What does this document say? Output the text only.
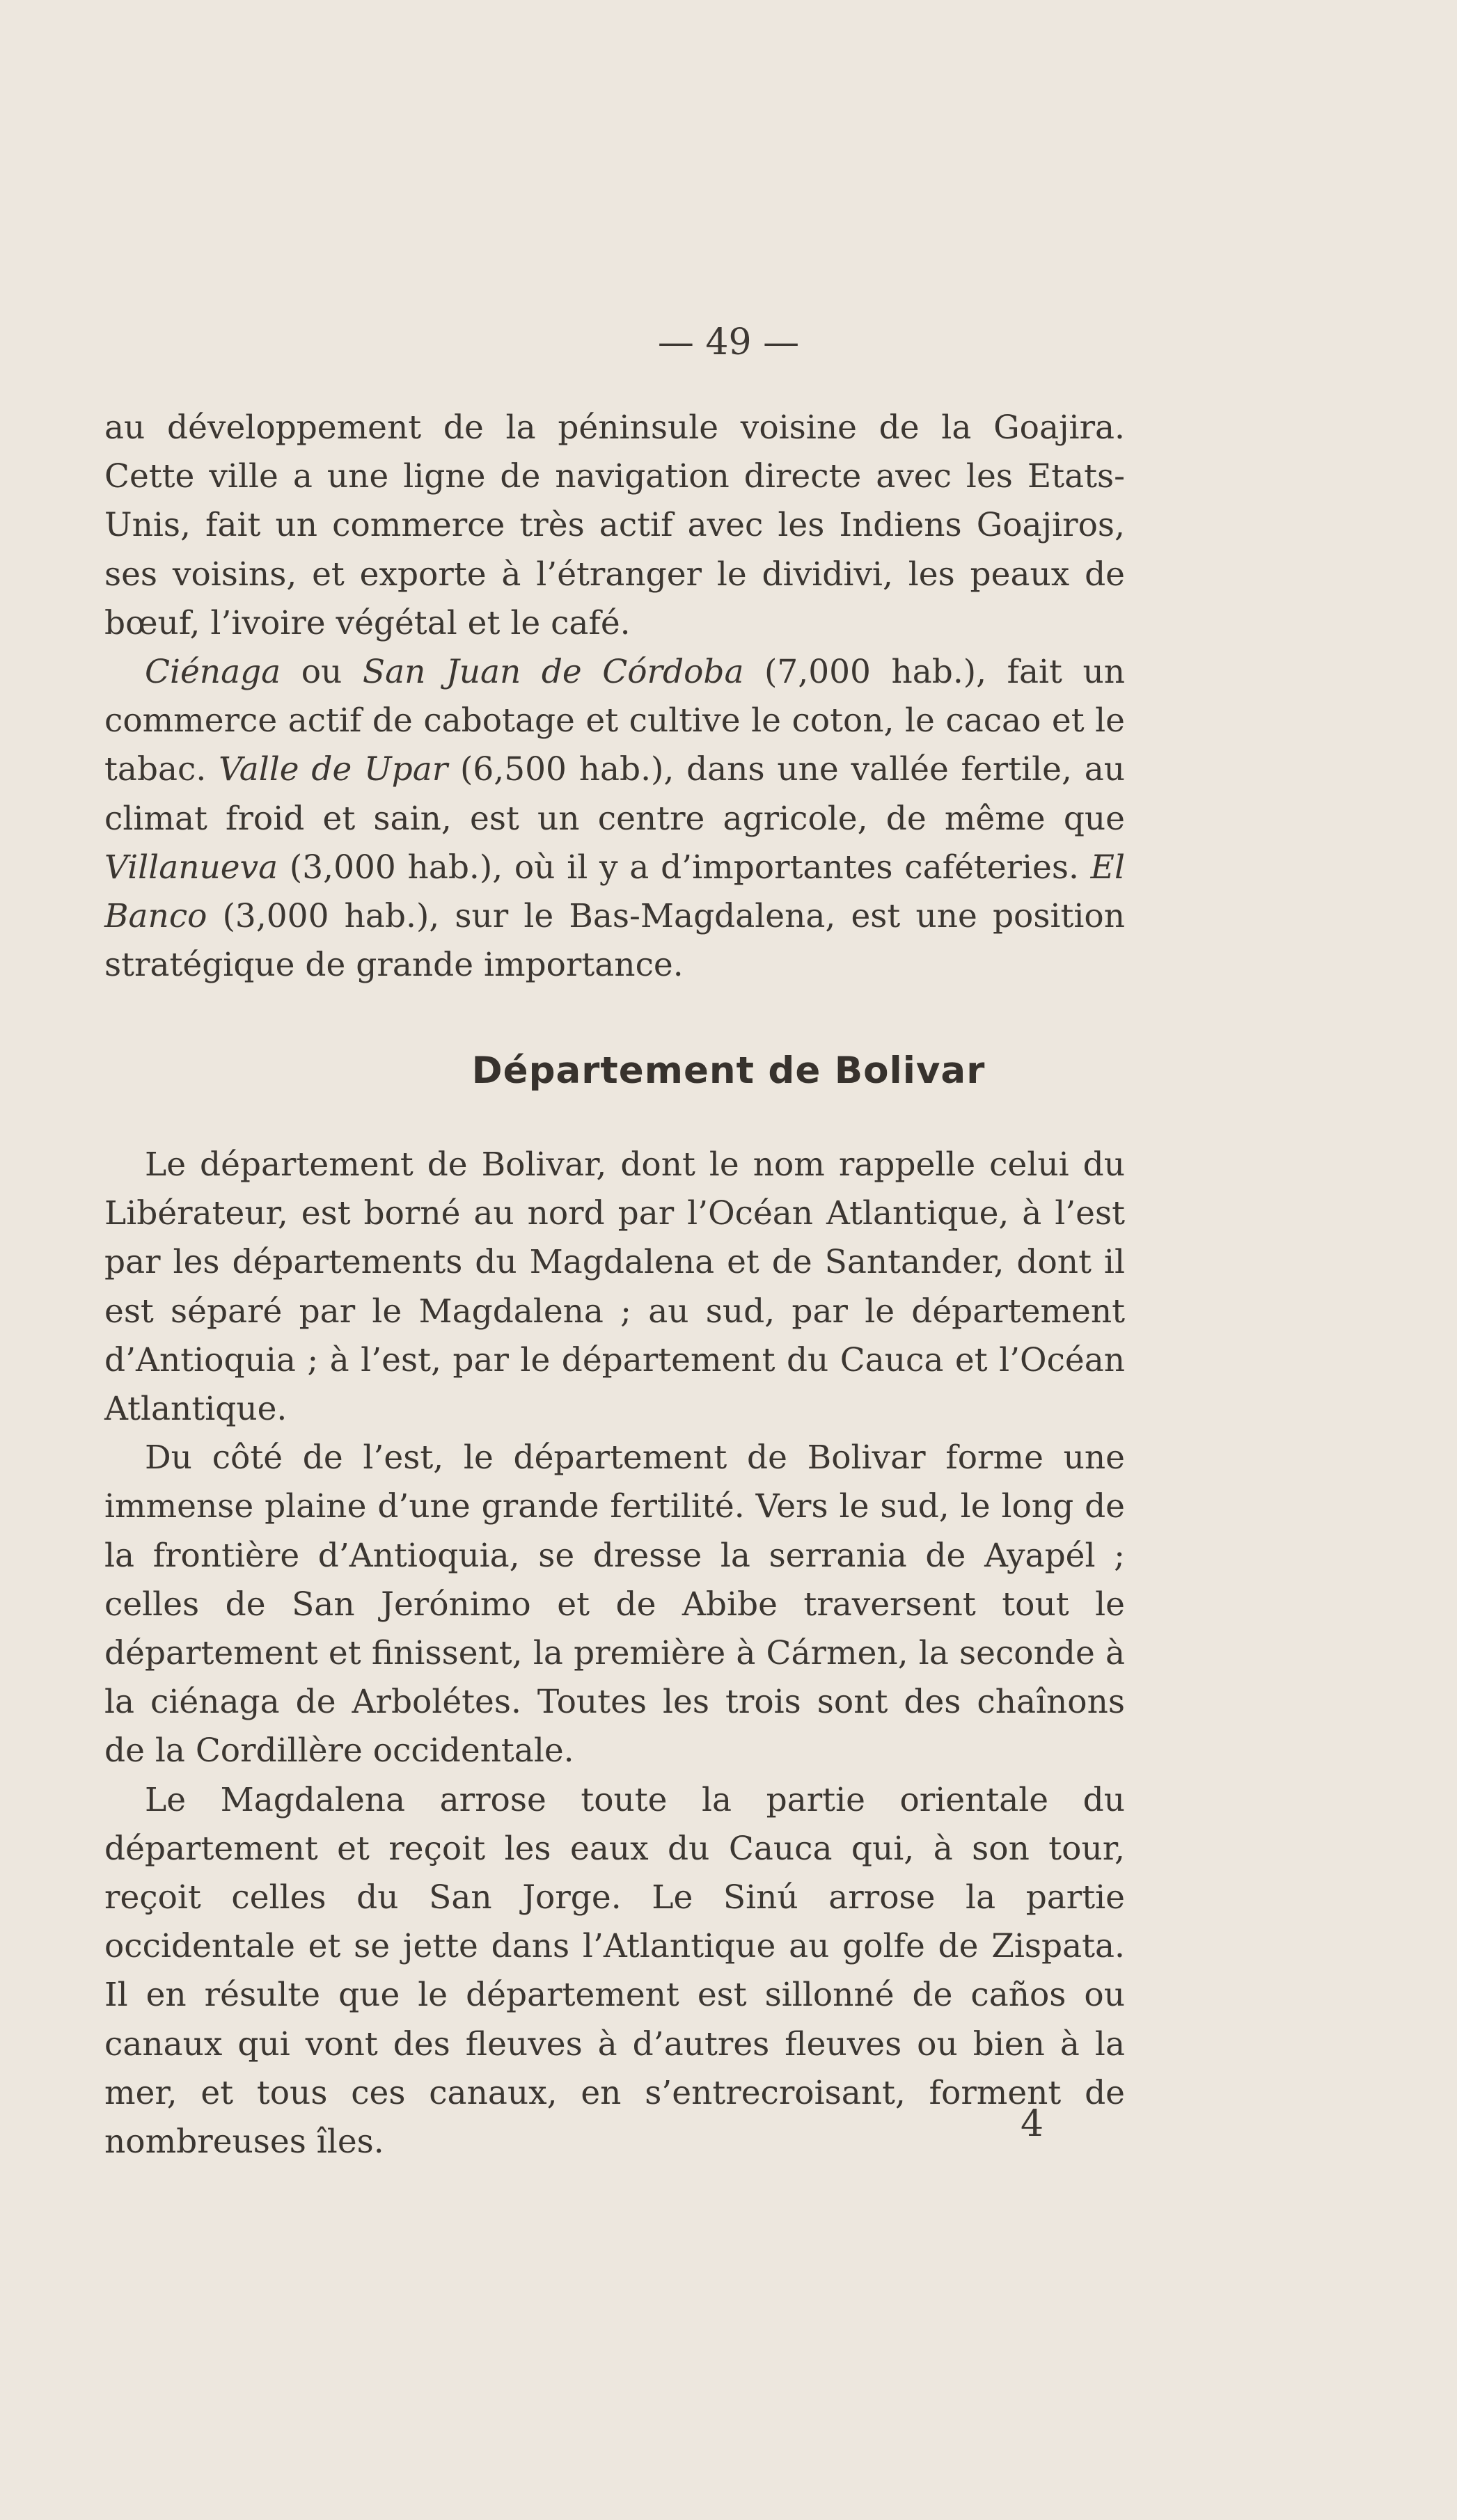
— 49 —

au développement de la péninsule voisine de la Goajira. Cette ville a une ligne de navigation directe avec les Etats-Unis, fait un commerce très actif avec les Indiens Goajiros, ses voisins, et exporte à l’étranger le dividivi, les peaux de bœuf, l’ivoire végétal et le café.

Ciénaga ou San Juan de Córdoba (7,000 hab.), fait un commerce actif de cabotage et cultive le coton, le cacao et le tabac. Valle de Upar (6,500 hab.), dans une vallée fertile, au climat froid et sain, est un centre agricole, de même que Villanueva (3,000 hab.), où il y a d’importantes caféteries. El Banco (3,000 hab.), sur le Bas-Magdalena, est une position stratégique de grande importance.

Département de Bolivar

Le département de Bolivar, dont le nom rappelle celui du Libérateur, est borné au nord par l’Océan Atlantique, à l’est par les départements du Magdalena et de Santander, dont il est séparé par le Magdalena ; au sud, par le département d’Antioquia ; à l’est, par le département du Cauca et l’Océan Atlantique.

Du côté de l’est, le département de Bolivar forme une immense plaine d’une grande fertilité. Vers le sud, le long de la frontière d’Antioquia, se dresse la serrania de Ayapél ; celles de San Jerónimo et de Abibe traversent tout le département et finissent, la première à Cármen, la seconde à la ciénaga de Arbolétes. Toutes les trois sont des chaînons de la Cordillère occidentale.

Le Magdalena arrose toute la partie orientale du département et reçoit les eaux du Cauca qui, à son tour, reçoit celles du San Jorge. Le Sinú arrose la partie occidentale et se jette dans l’Atlantique au golfe de Zispata. Il en résulte que le département est sillonné de caños ou canaux qui vont des fleuves à d’autres fleuves ou bien à la mer, et tous ces canaux, en s’entrecroisant, forment de nombreuses îles.	4
